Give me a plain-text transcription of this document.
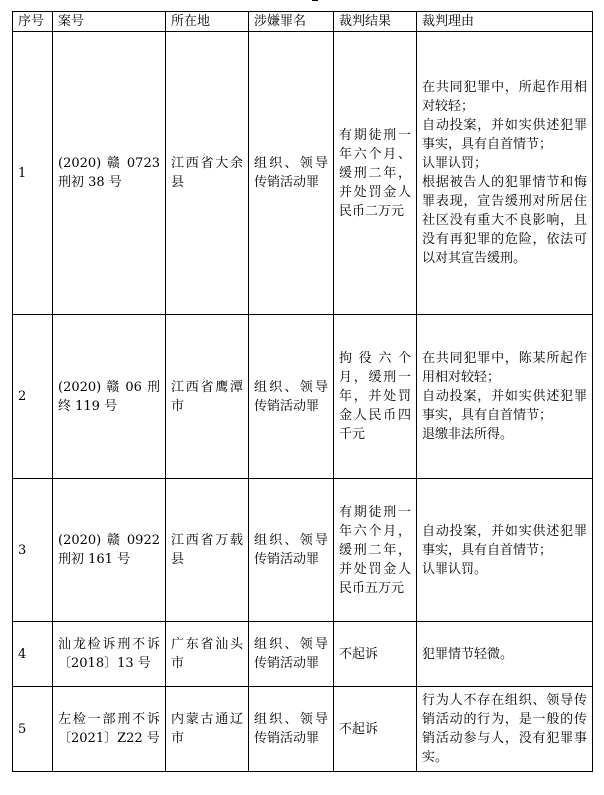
序号	案号	所在地	涉嫌罪名	裁判结果	裁判理由
1	(2020) 赣 0723 刑初 38 号	江西省大余县	组织、领导传销活动罪	有期徒刑一年六个月、缓刑二年，并处罚金人民币二万元	在共同犯罪中，所起作用相对较轻；
自动投案，并如实供述犯罪事实，具有自首情节；
认罪认罚；
根据被告人的犯罪情节和悔罪表现，宣告缓刑对所居住社区没有重大不良影响，且没有再犯罪的危险，依法可以对其宣告缓刑。

2	(2020) 赣 06 刑终 119 号	江西省鹰潭市	组织、领导传销活动罪	拘役六个月，缓刑一年，并处罚金人民币四千元	在共同犯罪中，陈某所起作用相对较轻；
自动投案，并如实供述犯罪事实，具有自首情节；
退缴非法所得。

3	(2020) 赣 0922 刑初 161 号	江西省万载县	组织、领导传销活动罪	有期徒刑一年六个月，缓刑二年，并处罚金人民币五万元	自动投案，并如实供述犯罪事实，具有自首情节；
认罪认罚。

4	汕龙检诉刑不诉〔2018〕13 号	广东省汕头市	组织、领导传销活动罪	不起诉	犯罪情节轻微。

5	左检一部刑不诉〔2021〕Z22 号	内蒙古通辽市	组织、领导传销活动罪	不起诉	行为人不存在组织、领导传销活动的行为，是一般的传销活动参与人，没有犯罪事实。
